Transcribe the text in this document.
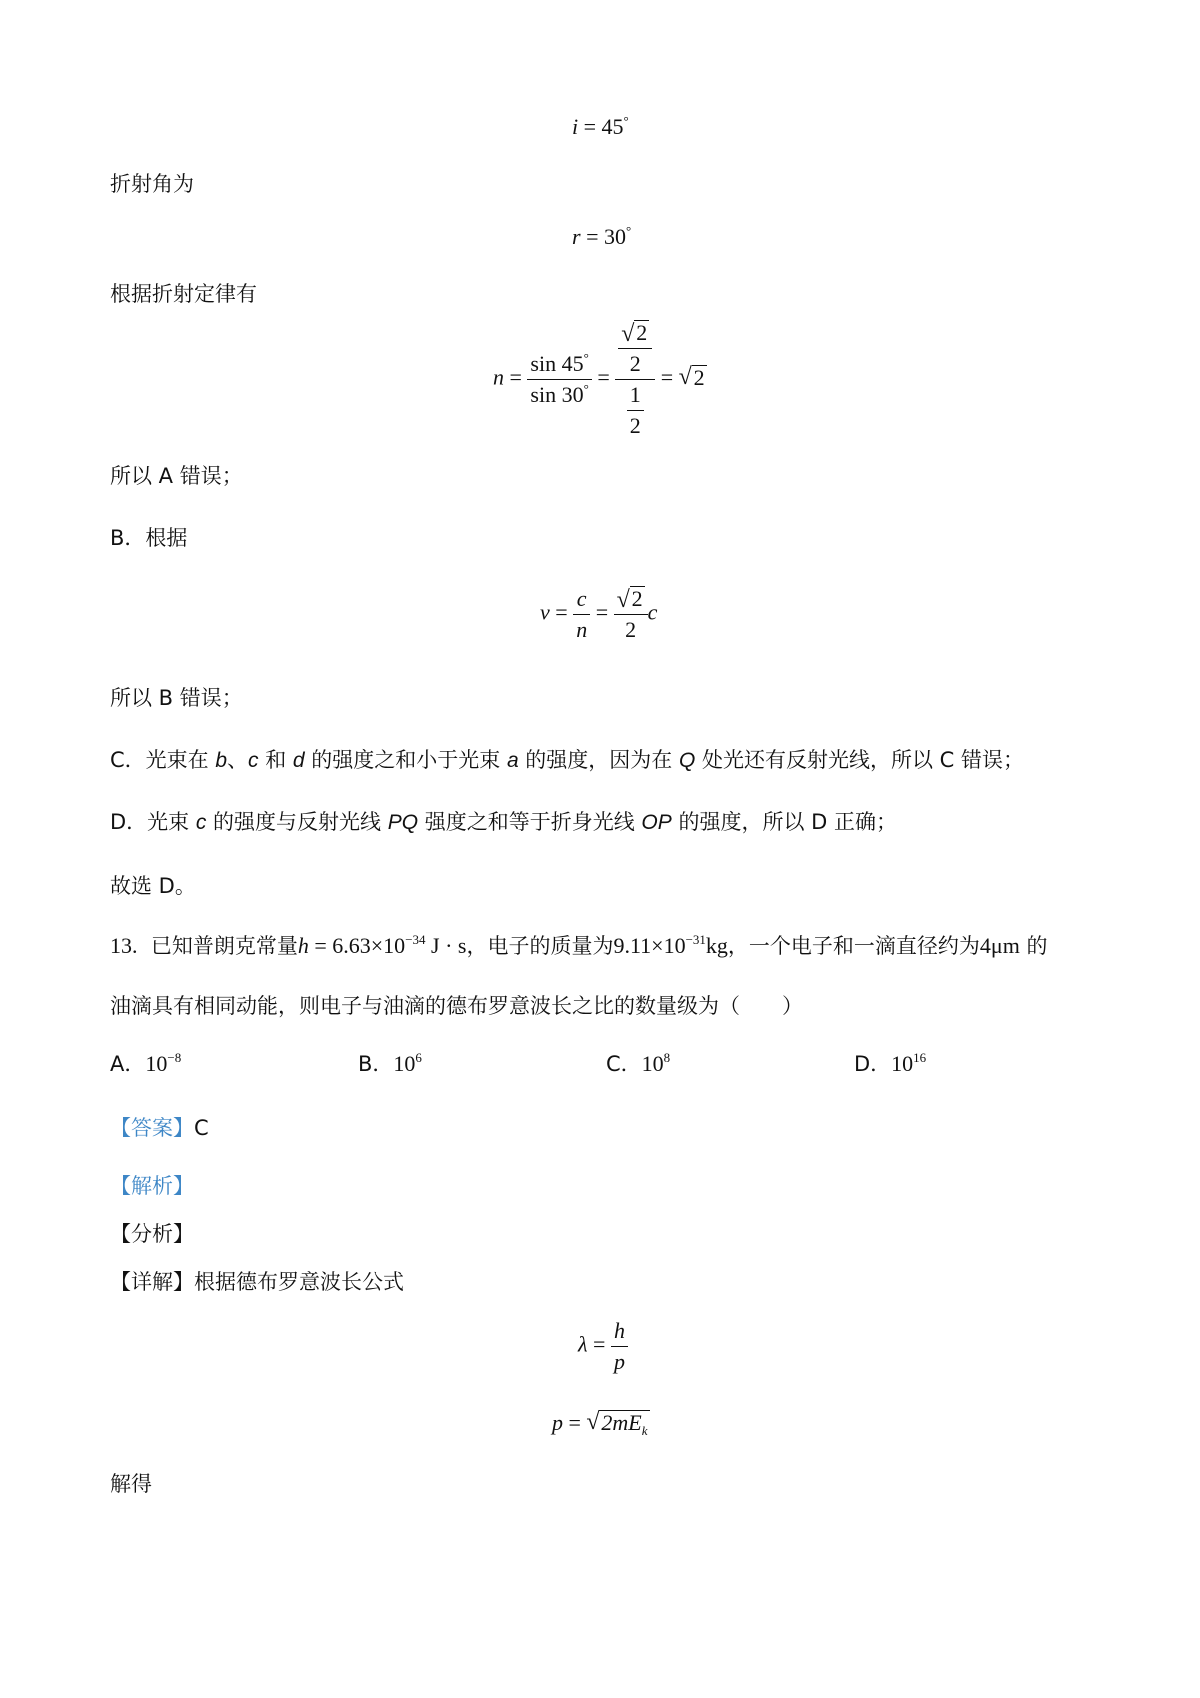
i = 45°
折射角为
r = 30°
根据折射定律有
$n = \frac{\sin 45^\circ}{\sin 30^\circ} = \frac{\frac{√ 2}{2}}{\frac{1}{2}}$ = √ 2
所以 A 错误；
B．根据
$v = \frac{c}{n} = \frac{√ 2}{2}$ c
所以 B 错误；
C．光束在 b、c 和 d 的强度之和小于光束 a 的强度，因为在 Q 处光还有反射光线，所以 C 错误；
D．光束 c 的强度与反射光线 PQ 强度之和等于折身光线 OP 的强度，所以 D 正确；
故选 D。
13. 已知普朗克常量$h = 6.63\times 10^{-34}$ J · s，电子的质量为$9.11\times 10^{-31}kg$，一个电子和一滴直径约为4μm 的
油滴具有相同动能，则电子与油滴的德布罗意波长之比的数量级为（　　）
A．$10^{-8}$	B．$10^6$	C．$10^8$	D．$10^{16}$
【答案】C
【解析】
【分析】
【详解】根据德布罗意波长公式
$\lambda = \frac{h}{p}$
p = √ $2mE_k$
解得
